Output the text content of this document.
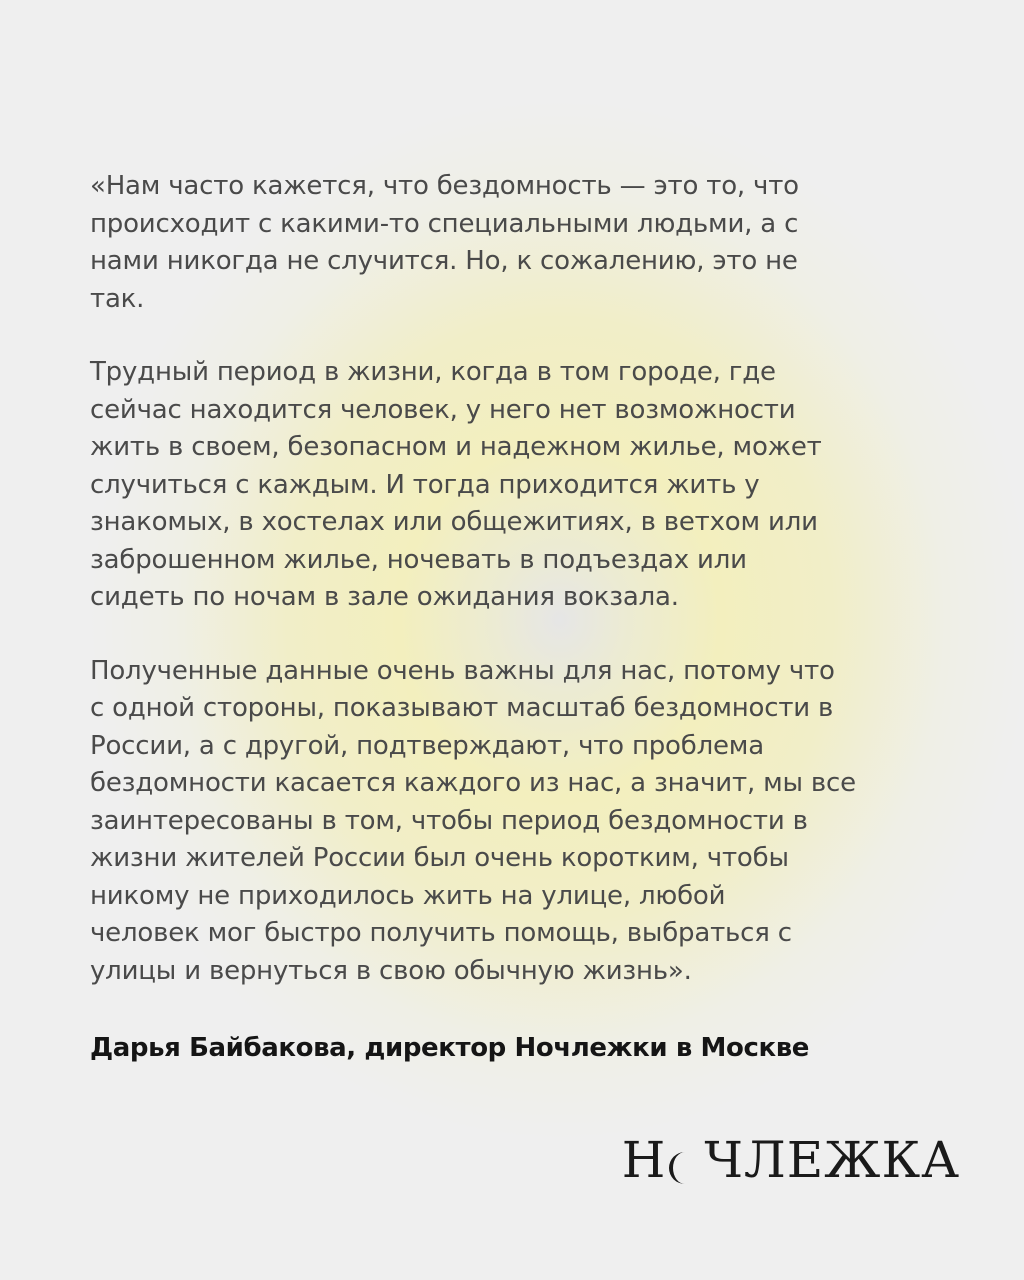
«Нам часто кажется, что бездомность — это то, что
происходит с какими-то специальными людьми, а с
нами никогда не случится. Но, к сожалению, это не
так.

Трудный период в жизни, когда в том городе, где
сейчас находится человек, у него нет возможности
жить в своем, безопасном и надежном жилье, может
случиться с каждым. И тогда приходится жить у
знакомых, в хостелах или общежитиях, в ветхом или
заброшенном жилье, ночевать в подъездах или
сидеть по ночам в зале ожидания вокзала.

Полученные данные очень важны для нас, потому что
с одной стороны, показывают масштаб бездомности в
России, а с другой, подтверждают, что проблема
бездомности касается каждого из нас, а значит, мы все
заинтересованы в том, чтобы период бездомности в
жизни жителей России был очень коротким, чтобы
никому не приходилось жить на улице, любой
человек мог быстро получить помощь, выбраться с
улицы и вернуться в свою обычную жизнь».

Дарья Байбакова, директор Ночлежки в Москве

Н ЧЛЕЖКА
